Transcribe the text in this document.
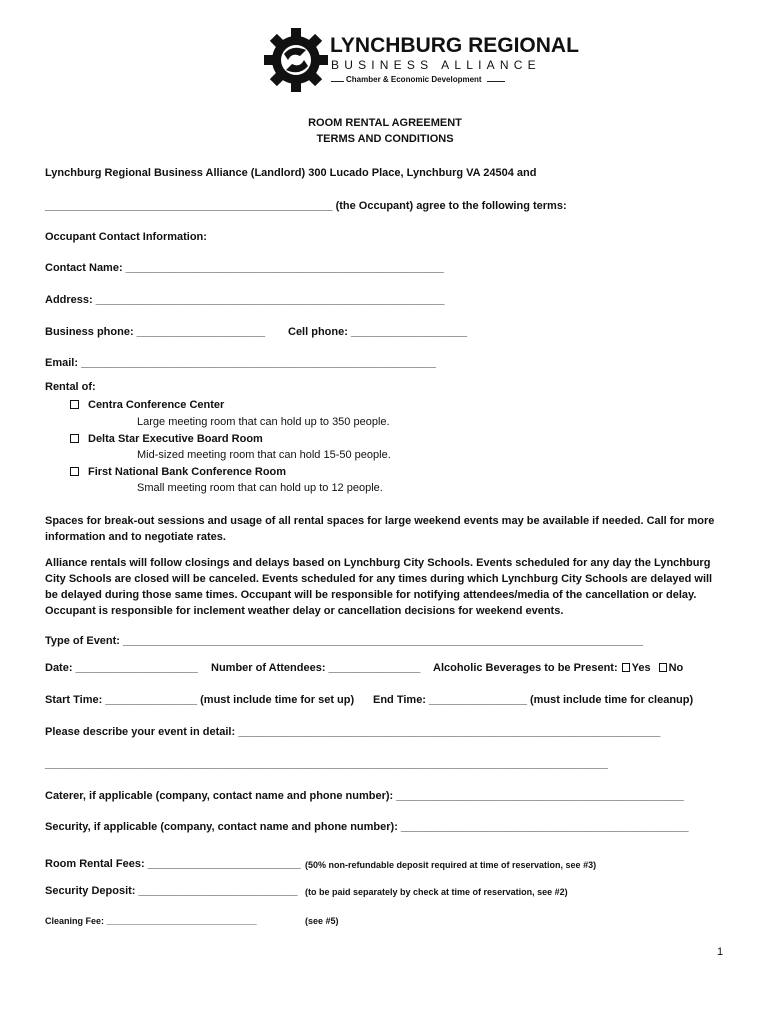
LYNCHBURG REGIONAL
BUSINESS ALLIANCE
Chamber & Economic Development
ROOM RENTAL AGREEMENT
TERMS AND CONDITIONS
Lynchburg Regional Business Alliance (Landlord) 300 Lucado Place, Lynchburg VA 24504 and
_______________________________________________ (the Occupant) agree to the following terms:
Occupant Contact Information:
Contact Name: ____________________________________________________
Address: _________________________________________________________
Business phone: _____________________ Cell phone: ___________________
Email: __________________________________________________________
Rental of:
Centra Conference Center
Large meeting room that can hold up to 350 people.
Delta Star Executive Board Room
Mid-sized meeting room that can hold 15-50 people.
First National Bank Conference Room
Small meeting room that can hold up to 12 people.
Spaces for break-out sessions and usage of all rental spaces for large weekend events may be available if needed. Call for more information and to negotiate rates.
Alliance rentals will follow closings and delays based on Lynchburg City Schools. Events scheduled for any day the Lynchburg City Schools are closed will be canceled. Events scheduled for any times during which Lynchburg City Schools are delayed will be delayed during those same times. Occupant will be responsible for notifying attendees/media of the cancellation or delay. Occupant is responsible for inclement weather delay or cancellation decisions for weekend events.
Type of Event: _____________________________________________________________________________________
Date: ____________________ Number of Attendees: _______________ Alcoholic Beverages to be Present: Yes No
Start Time: _______________ (must include time for set up) End Time: ________________ (must include time for cleanup)
Please describe your event in detail: _____________________________________________________________________
____________________________________________________________________________________________
Caterer, if applicable (company, contact name and phone number): _______________________________________________
Security, if applicable (company, contact name and phone number): _______________________________________________
Room Rental Fees: _________________________ (50% non-refundable deposit required at time of reservation, see #3)
Security Deposit: __________________________ (to be paid separately by check at time of reservation, see #2)
Cleaning Fee: ______________________________	(see #5)
1
